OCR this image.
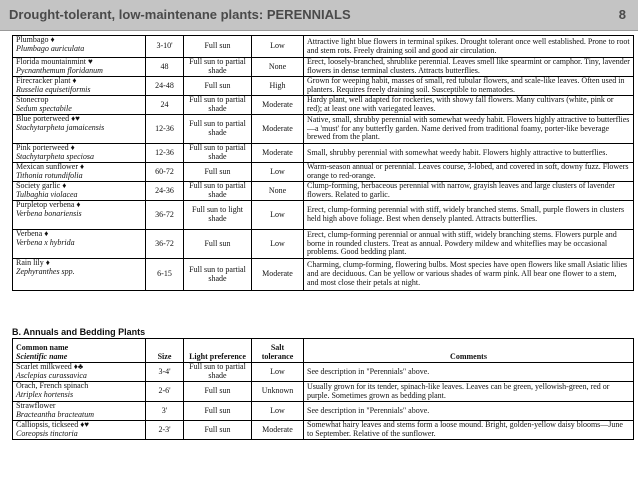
Drought-tolerant, low-maintenane plants: PERENNIALS	8
Plumbago ♦
Plumbago auriculata	3-10'	Full sun	Low	Attractive light blue flowers in terminal spikes. Drought tolerant once well established. Prone to root and stem rots. Freely draining soil and good air circulation.

Florida mountainmint ♥
Pycnanthemum floridanum	48	Full sun to partial shade	None	Erect, loosely-branched, shrublike perennial. Leaves smell like spearmint or camphor. Tiny, lavender flowers in dense terminal clusters. Attracts butterflies.

Firecracker plant ♦
Russelia equisetiformis	24-48	Full sun	High	Grown for weeping habit, masses of small, red tubular flowers, and scale-like leaves. Often used in planters. Requires freely draining soil. Susceptible to nematodes.

Stonecrop
Sedum spectabile	24	Full sun to partial shade	Moderate	Hardy plant, well adapted for rockeries, with showy fall flowers. Many cultivars (white, pink or red); at least one with variegated leaves.

Blue porterweed ♦♥
Stachytarpheta jamaicensis	12-36	Full sun to partial shade	Moderate	Native, small, shrubby perennial with somewhat weedy habit. Flowers highly attractive to butterflies—a 'must' for any butterfly garden. Name derived from traditional foamy, porter-like beverage brewed from the plant.

Pink porterweed ♦
Stachytarpheta speciosa	12-36	Full sun to partial shade	Moderate	Small, shrubby perennial with somewhat weedy habit. Flowers highly attractive to butterflies.

Mexican sunflower ♦
Tithonia rotundifolia	60-72	Full sun	Low	Warm-season annual or perennial. Leaves course, 3-lobed, and covered in soft, downy fuzz. Flowers orange to red-orange.

Society garlic ♦
Tulbaghia violacea	24-36	Full sun to partial shade	None	Clump-forming, herbaceous perennial with narrow, grayish leaves and large clusters of lavender flowers. Related to garlic.

Purpletop verbena ♦
Verbena bonariensis	36-72	Full sun to light shade	Low	Erect, clump-forming perennial with stiff, widely branched stems. Small, purple flowers in clusters held high above foliage. Best when densely planted. Attracts butterflies.

Verbena ♦
Verbena x hybrida	36-72	Full sun	Low	Erect, clump-forming perennial or annual with stiff, widely branching stems. Flowers purple and borne in rounded clusters. Treat as annual. Powdery mildew and whiteflies may be occasional problems. Good bedding plant.

Rain lily ♦
Zephyranthes spp.	6-15	Full sun to partial shade	Moderate	Charming, clump-forming, flowering bulbs. Most species have open flowers like small Asiatic lilies and are deciduous. Can be yellow or various shades of warm pink. All bear one flower to a stem, and most close their petals at night.
B. Annuals and Bedding Plants
Common name
Scientific name	Size	Light preference	Salt tolerance	Comments

Scarlet milkweed ♦♣
Asclepias curassavica	3-4'	Full sun to partial shade	Low	See description in "Perennials" above.

Orach, French spinach
Atriplex hortensis	2-6'	Full sun	Unknown	Usually grown for its tender, spinach-like leaves. Leaves can be green, yellowish-green, red or purple. Sometimes grown as bedding plant.

Strawflower
Bracteantha bracteatum	3'	Full sun	Low	See description in "Perennials" above.

Calliopsis, tickseed ♦♥
Coreopsis tinctoria	2-3'	Full sun	Moderate	Somewhat hairy leaves and stems form a loose mound. Bright, golden-yellow daisy blooms—June to September. Relative of the sunflower.
